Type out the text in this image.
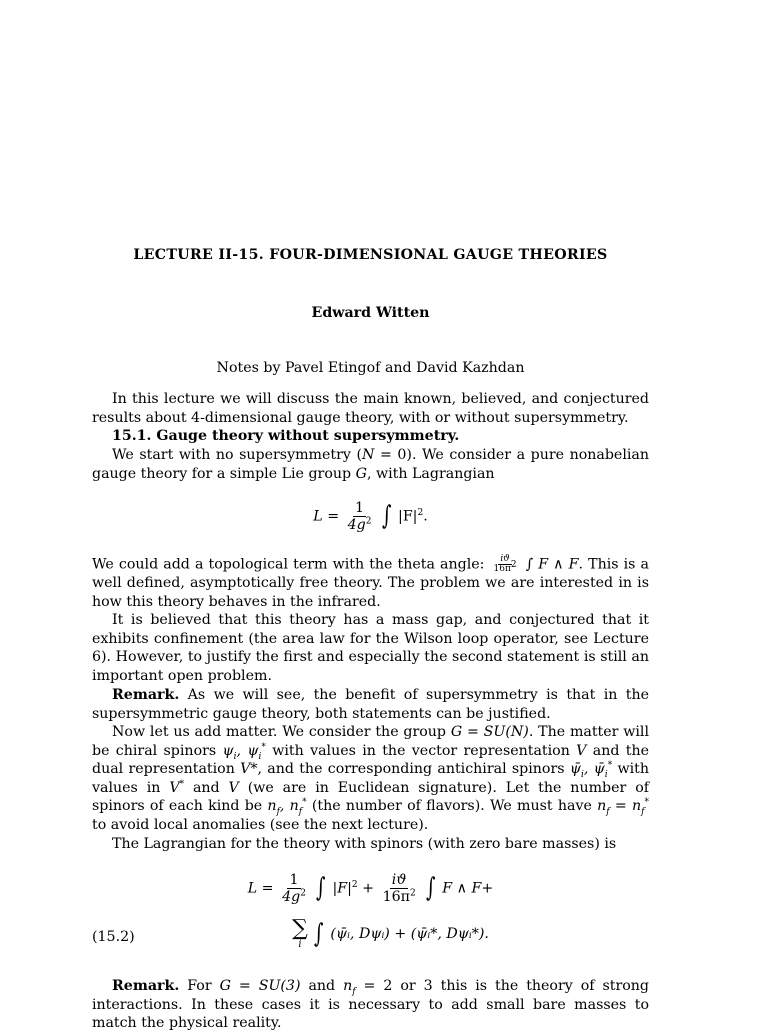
LECTURE II-15. FOUR-DIMENSIONAL GAUGE THEORIES
Edward Witten
Notes by Pavel Etingof and David Kazhdan

In this lecture we will discuss the main known, believed, and conjectured results about 4-dimensional gauge theory, with or without supersymmetry.

15.1. Gauge theory without supersymmetry.

We start with no supersymmetry (N = 0). We consider a pure nonabelian gauge theory for a simple Lie group G, with Lagrangian

$L = \frac{1}{4g^2}$ ∫ $|F|^2$.

We could add a topological term with the theta angle: $\frac{iϑ}{16\pi^2}$ ∫ F ∧ F. This is a well defined, asymptotically free theory. The problem we are interested in is how this theory behaves in the infrared.

It is believed that this theory has a mass gap, and conjectured that it exhibits confinement (the area law for the Wilson loop operator, see Lecture 6). However, to justify the first and especially the second statement is still an important open problem.

Remark. As we will see, the benefit of supersymmetry is that in the supersymmetric gauge theory, both statements can be justified.

Now let us add matter. We consider the group G = SU(N). The matter will be chiral spinors $\psi_i$, $\psi_i^*$ with values in the vector representation V and the dual representation V*, and the corresponding antichiral spinors $\psī_i$, $\psī_i^*$ with values in V* and V (we are in Euclidean signature). Let the number of spinors of each kind be $n_f$, $n_f^*$ (the number of flavors). We must have $n_f = n_f^*$ to avoid local anomalies (see the next lecture).

The Lagrangian for the theory with spinors (with zero bare masses) is

$L = \frac{1}{4g^2}$ ∫ $|F|^2 + \frac{iϑ}{16\pi^2}$ ∫ F ∧ F+
(15.2)	∑
i ∫ (ψ̄ᵢ, Dψᵢ) + (ψ̄ᵢ*, Dψᵢ*).

Remark. For G = SU(3) and $n_f = 2$ or 3 this is the theory of strong interactions. In these cases it is necessary to add small bare masses to match the physical reality.
